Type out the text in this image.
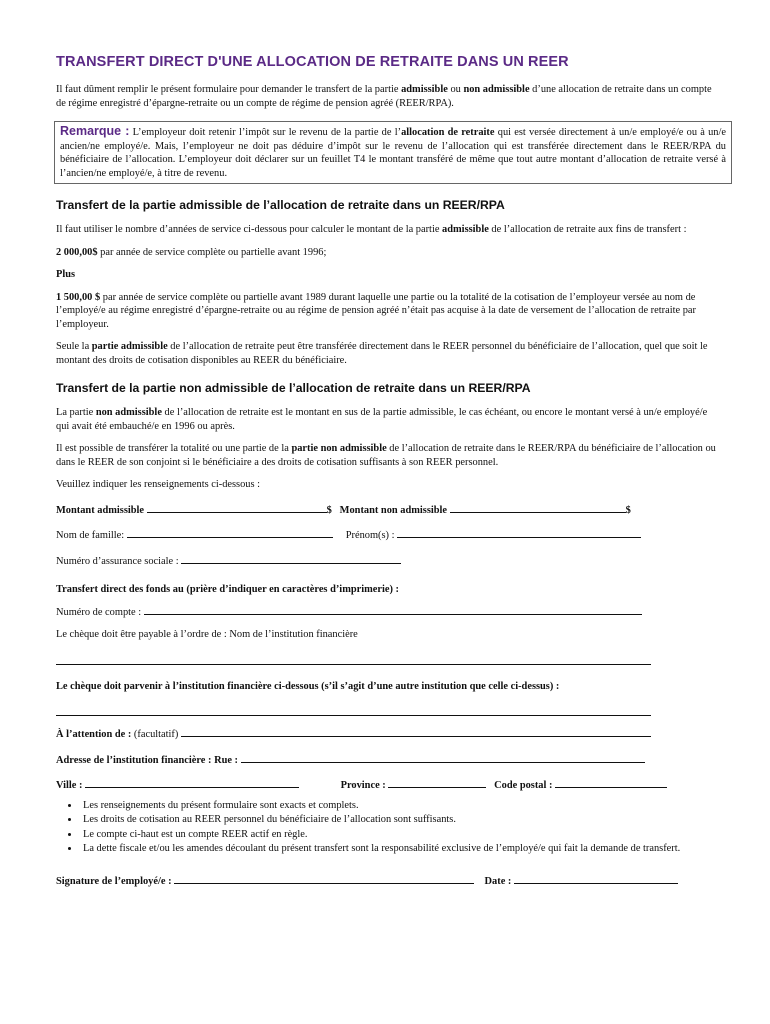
TRANSFERT DIRECT D'UNE ALLOCATION DE RETRAITE DANS UN REER

Il faut dûment remplir le présent formulaire pour demander le transfert de la partie admissible ou non admissible d’une allocation de retraite dans un compte de régime enregistré d’épargne-retraite ou un compte de régime de pension agréé (REER/RPA).

Remarque : L’employeur doit retenir l’impôt sur le revenu de la partie de l’allocation de retraite qui est versée directement à un/e employé/e ou à un/e ancien/ne employé/e. Mais, l’employeur ne doit pas déduire d’impôt sur le revenu de l’allocation qui est transférée directement dans le REER/RPA du bénéficiaire de l’allocation. L’employeur doit déclarer sur un feuillet T4 le montant transféré de même que tout autre montant d’allocation de retraite versé à l’ancien/ne employé/e, à titre de revenu.
Transfert de la partie admissible de l’allocation de retraite dans un REER/RPA

Il faut utiliser le nombre d’années de service ci-dessous pour calculer le montant de la partie admissible de l’allocation de retraite aux fins de transfert :

2 000,00$ par année de service complète ou partielle avant 1996;

Plus

1 500,00 $ par année de service complète ou partielle avant 1989 durant laquelle une partie ou la totalité de la cotisation de l’employeur versée au nom de l’employé/e au régime enregistré d’épargne-retraite ou au régime de pension agréé n’était pas acquise à la date de versement de l’allocation de retraite par l’employeur.

Seule la partie admissible de l’allocation de retraite peut être transférée directement dans le REER personnel du bénéficiaire de l’allocation, quel que soit le montant des droits de cotisation disponibles au REER du bénéficiaire.

Transfert de la partie non admissible de l’allocation de retraite dans un REER/RPA

La partie non admissible de l’allocation de retraite est le montant en sus de la partie admissible, le cas échéant, ou encore le montant versé à un/e employé/e qui avait été embauché/e en 1996 ou après.

Il est possible de transférer la totalité ou une partie de la partie non admissible de l’allocation de retraite dans le REER/RPA du bénéficiaire de l’allocation ou dans le REER de son conjoint si le bénéficiaire a des droits de cotisation suffisants à son REER personnel.

Veuillez indiquer les renseignements ci-dessous :

Montant admissible	$ Montant non admissible	$
Nom de famille:	Prénom(s) :
Numéro d’assurance sociale :
Transfert direct des fonds au (prière d’indiquer en caractères d’imprimerie) :
Numéro de compte :
Le chèque doit être payable à l’ordre de : Nom de l’institution financière
Le chèque doit parvenir à l’institution financière ci-dessous (s’il s’agit d’une autre institution que celle ci-dessus) :
À l’attention de : (facultatif)
Adresse de l’institution financière : Rue :
Ville :	Province :	Code postal :
• Les renseignements du présent formulaire sont exacts et complets.
• Les droits de cotisation au REER personnel du bénéficiaire de l’allocation sont suffisants.
• Le compte ci-haut est un compte REER actif en règle.
• La dette fiscale et/ou les amendes découlant du présent transfert sont la responsabilité exclusive de l’employé/e qui fait la demande de transfert.
Signature de l’employé/e :	Date :
